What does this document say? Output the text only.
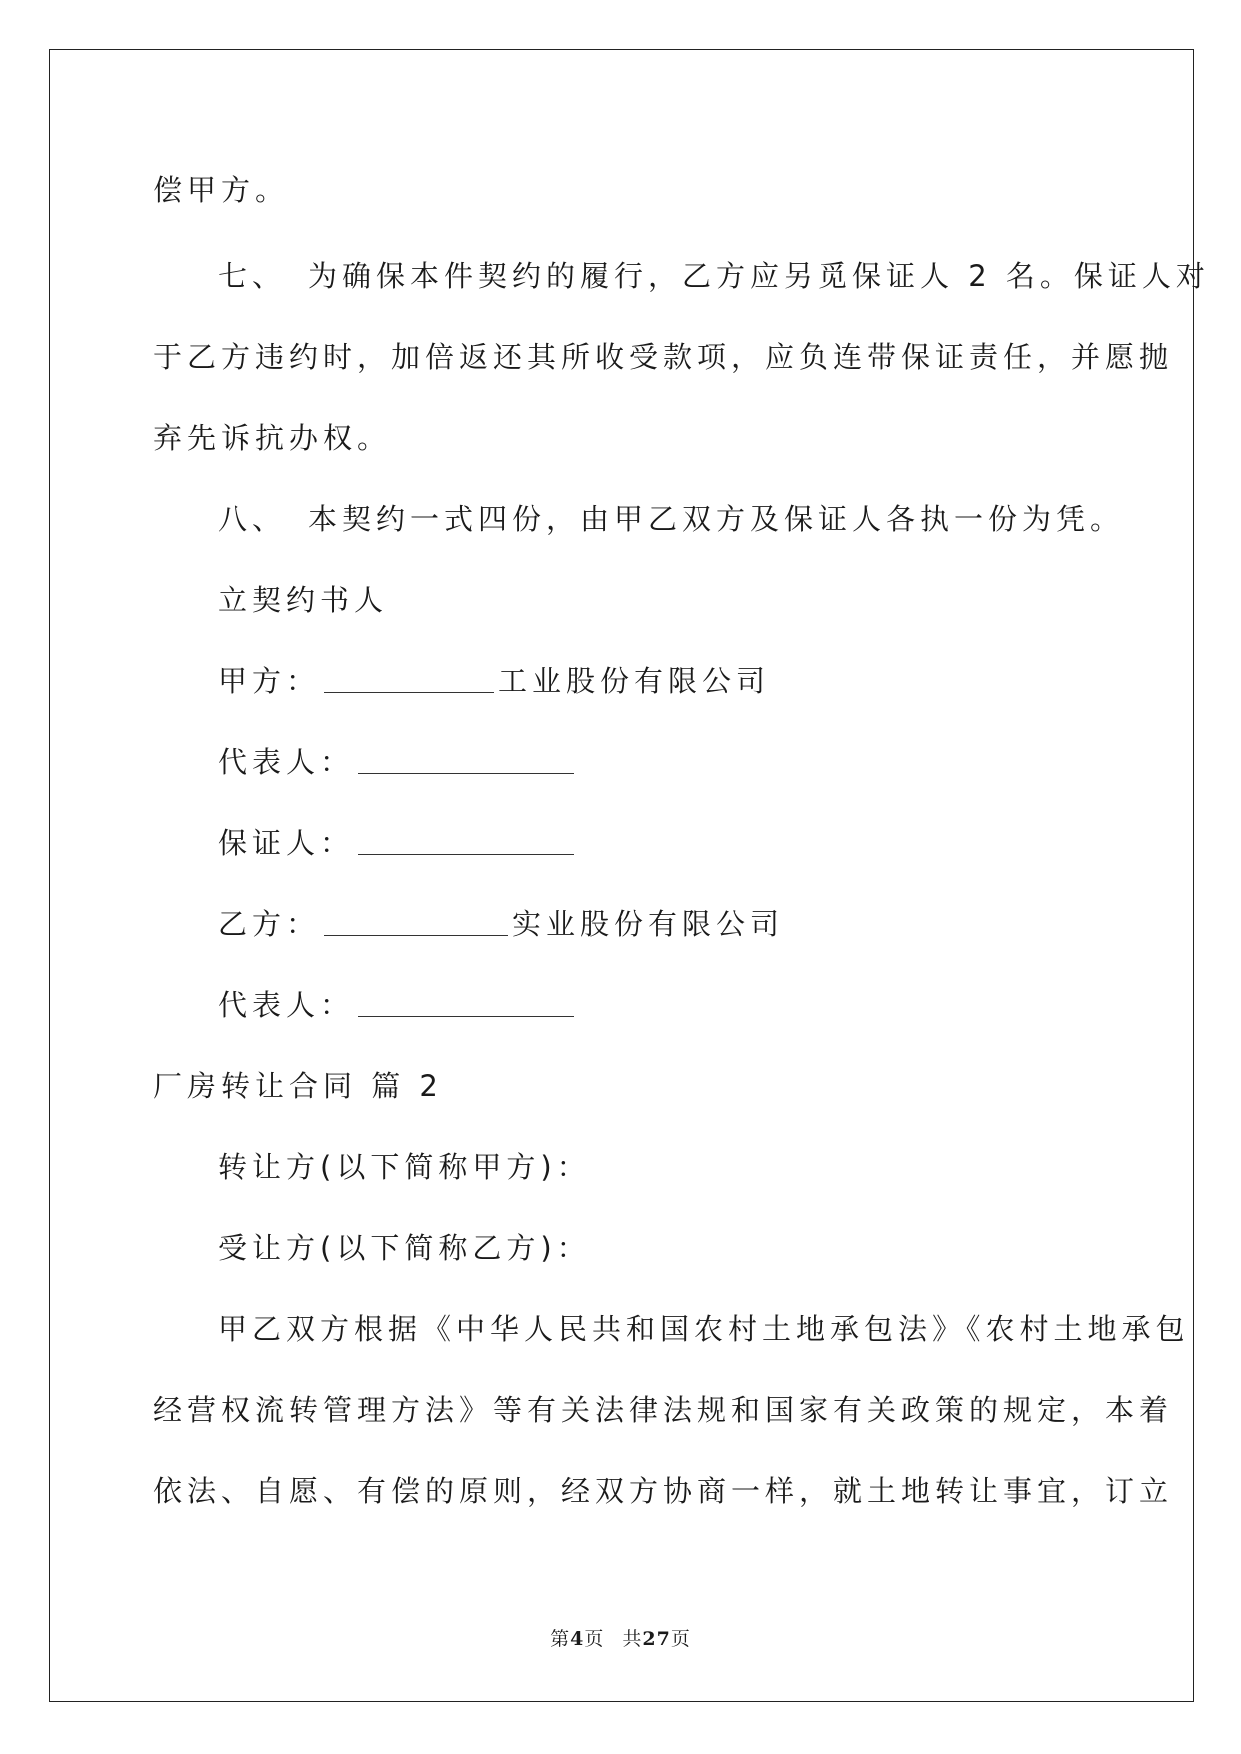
偿甲方。
七、 为确保本件契约的履行，乙方应另觅保证人 2 名。保证人对
于乙方违约时，加倍返还其所收受款项，应负连带保证责任，并愿抛
弃先诉抗办权。
八、 本契约一式四份，由甲乙双方及保证人各执一份为凭。
立契约书人
甲方：	工业股份有限公司
代表人：
保证人：
乙方：	实业股份有限公司
代表人：
厂房转让合同 篇 2
转让方(以下简称甲方)：
受让方(以下简称乙方)：
甲乙双方根据《中华人民共和国农村土地承包法》《农村土地承包
经营权流转管理方法》等有关法律法规和国家有关政策的规定，本着
依法、自愿、有偿的原则，经双方协商一样，就土地转让事宜，订立
第4页 共27页
